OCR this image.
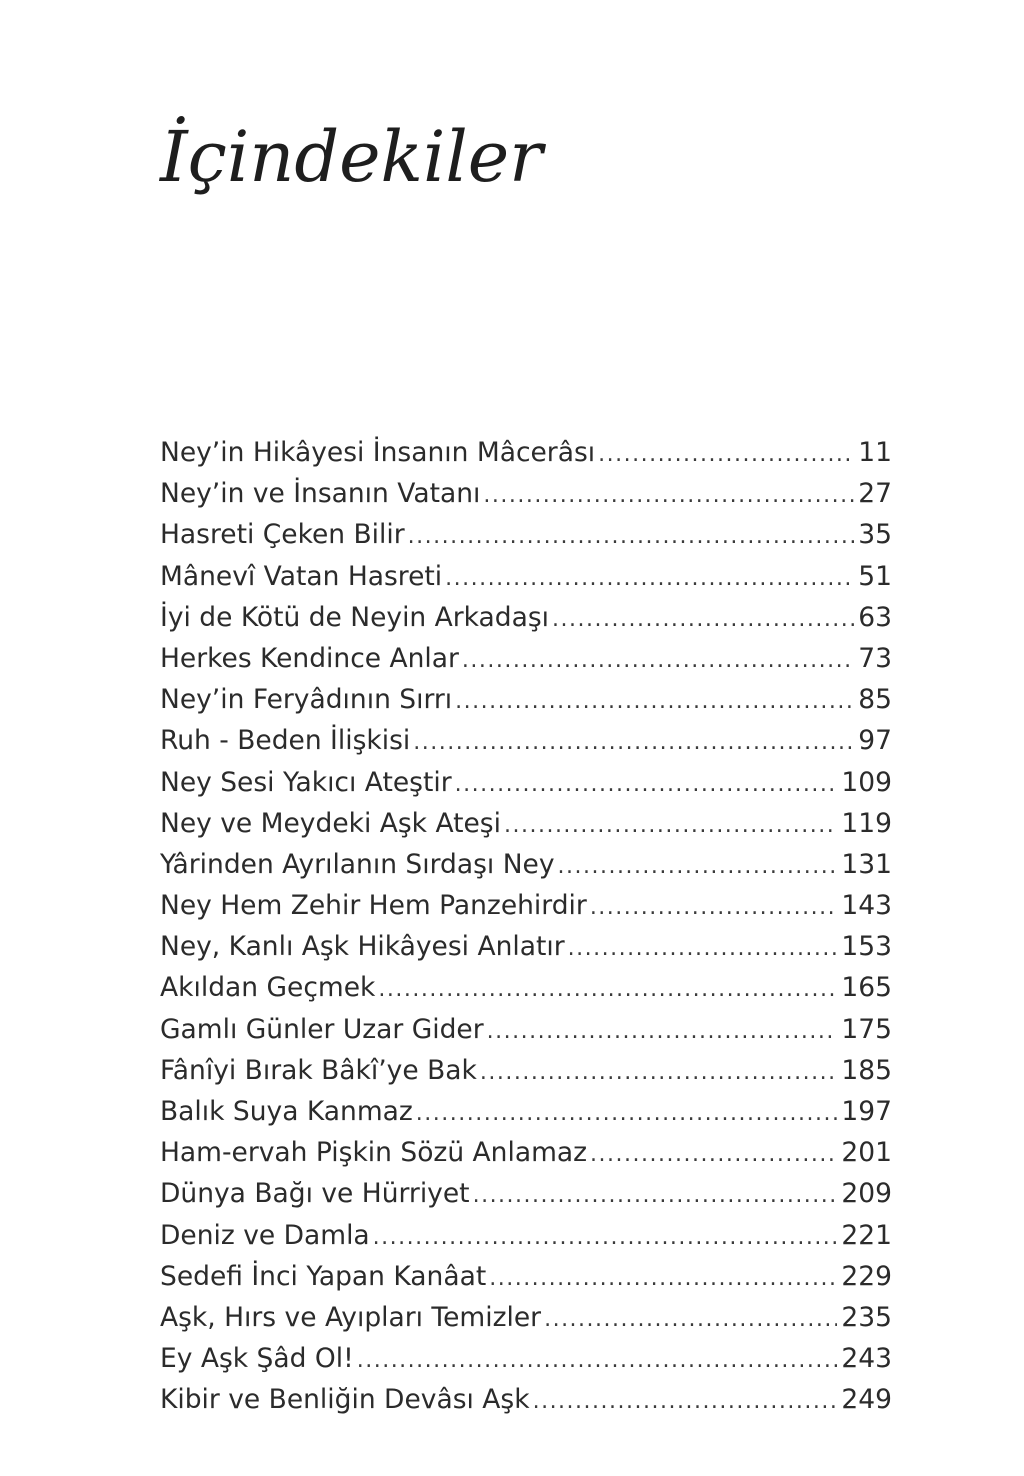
İçindekiler
Ney’in Hikâyesi İnsanın Mâcerâsı .....	11
Ney’in ve İnsanın Vatanı .....	27
Hasreti Çeken Bilir .....	35
Mânevî Vatan Hasreti .....	51
İyi de Kötü de Neyin Arkadaşı .....	63
Herkes Kendince Anlar .....	73
Ney’in Feryâdının Sırrı .....	85
Ruh - Beden İlişkisi .....	97
Ney Sesi Yakıcı Ateştir .....	109
Ney ve Meydeki Aşk Ateşi .....	119
Yârinden Ayrılanın Sırdaşı Ney .....	131
Ney Hem Zehir Hem Panzehirdir .....	143
Ney, Kanlı Aşk Hikâyesi Anlatır .....	153
Akıldan Geçmek .....	165
Gamlı Günler Uzar Gider .....	175
Fânîyi Bırak Bâkî’ye Bak .....	185
Balık Suya Kanmaz .....	197
Ham-ervah Pişkin Sözü Anlamaz .....	201
Dünya Bağı ve Hürriyet .....	209
Deniz ve Damla .....	221
Sedefi İnci Yapan Kanâat .....	229
Aşk, Hırs ve Ayıpları Temizler .....	235
Ey Aşk Şâd Ol! .....	243
Kibir ve Benliğin Devâsı Aşk .....	249
